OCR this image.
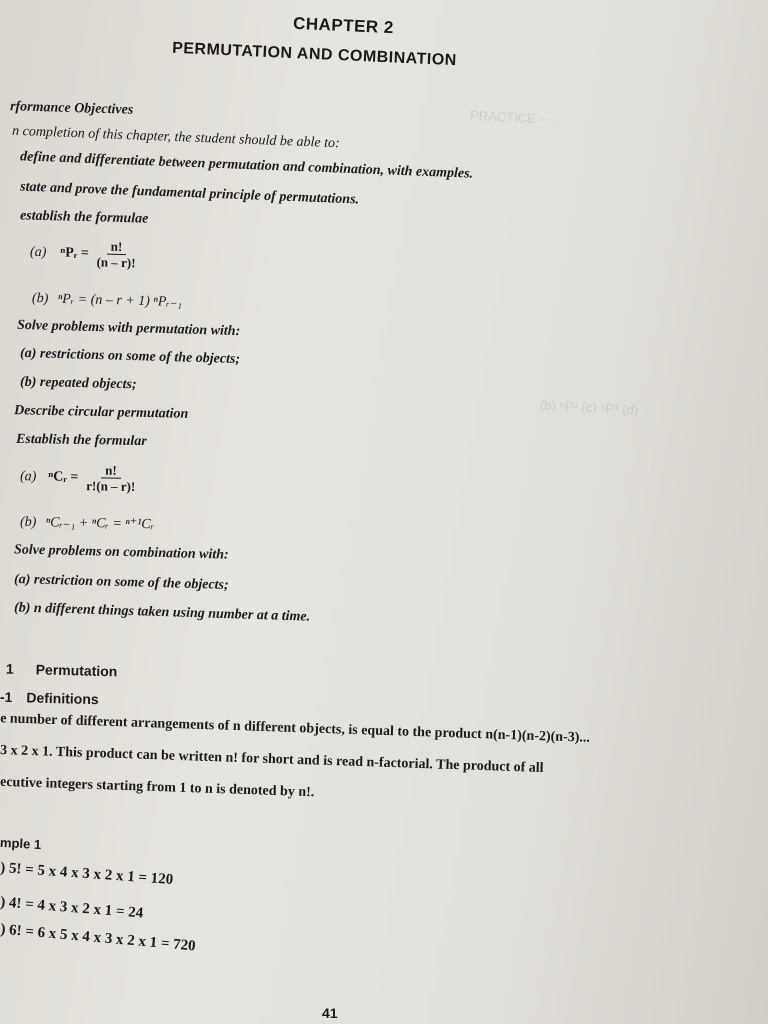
PRACTICE · · ·
(b) ⁵P² (c) ⁵P¹ (d)
CHAPTER 2
PERMUTATION AND COMBINATION
rformance Objectives
n completion of this chapter, the student should be able to:
define and differentiate between permutation and combination, with examples.
state and prove the fundamental principle of permutations.
establish the formulae
(a) ⁿPᵣ = $\frac{n!}{(n - r)!}$
(b) ⁿPᵣ = (n – r + 1) ⁿPᵣ₋₁
Solve problems with permutation with:
(a) restrictions on some of the objects;
(b) repeated objects;
Describe circular permutation
Establish the formular
(a) ⁿCᵣ = $\frac{n!}{r!(n - r)!}$
(b) ⁿCᵣ₋₁ + ⁿCᵣ = ⁿ⁺¹Cᵣ
Solve problems on combination with:
(a) restriction on some of the objects;
(b) n different things taken using number at a time.
1 Permutation
-1 Definitions
e number of different arrangements of n different objects, is equal to the product n(n-1)(n-2)(n-3)...
3 x 2 x 1. This product can be written n! for short and is read n-factorial. The product of all
ecutive integers starting from 1 to n is denoted by n!.
mple 1
) 5! = 5 x 4 x 3 x 2 x 1 = 120
) 4! = 4 x 3 x 2 x 1 = 24
) 6! = 6 x 5 x 4 x 3 x 2 x 1 = 720
41
